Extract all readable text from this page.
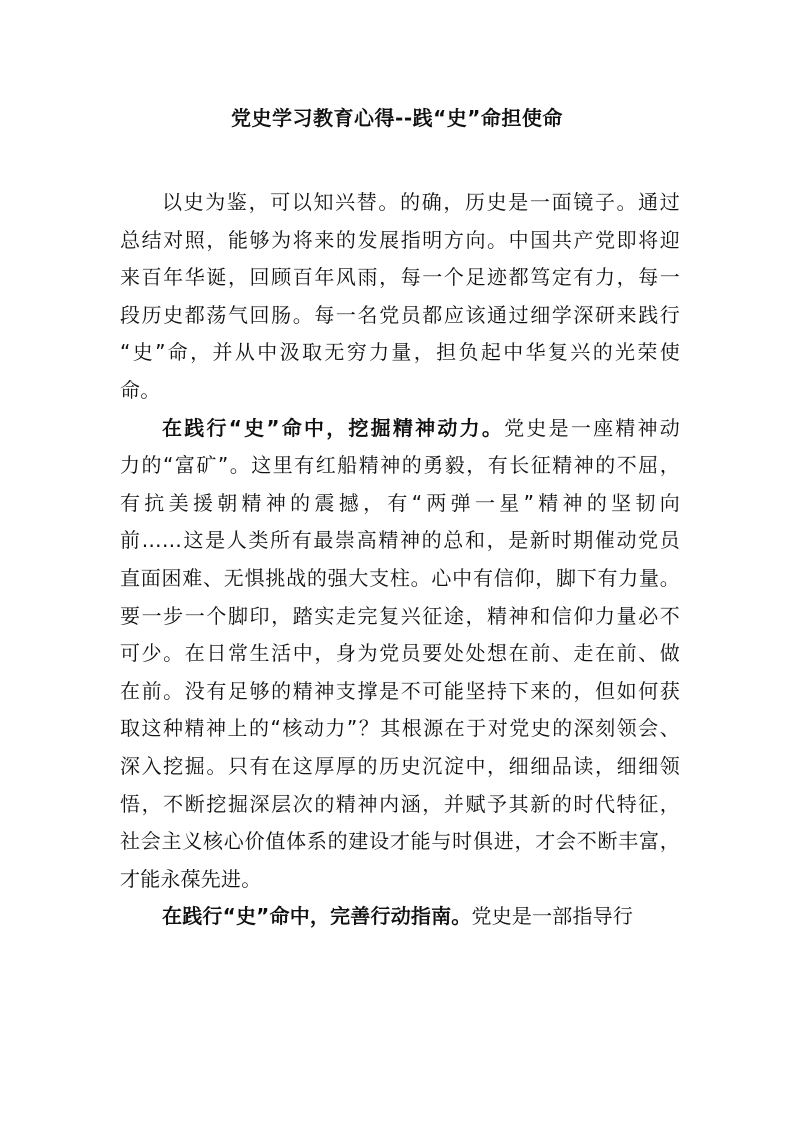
党史学习教育心得--践“史”命担使命
以史为鉴，可以知兴替。的确，历史是一面镜子。通过
总结对照，能够为将来的发展指明方向。中国共产党即将迎
来百年华诞，回顾百年风雨，每一个足迹都笃定有力，每一
段历史都荡气回肠。每一名党员都应该通过细学深研来践行
“史”命，并从中汲取无穷力量，担负起中华复兴的光荣使
命。
在践行“史”命中，挖掘精神动力。党史是一座精神动
力的“富矿”。这里有红船精神的勇毅，有长征精神的不屈，
有抗美援朝精神的震撼，有“两弹一星”精神的坚韧向
前……这是人类所有最崇高精神的总和，是新时期催动党员
直面困难、无惧挑战的强大支柱。心中有信仰，脚下有力量。
要一步一个脚印，踏实走完复兴征途，精神和信仰力量必不
可少。在日常生活中，身为党员要处处想在前、走在前、做
在前。没有足够的精神支撑是不可能坚持下来的，但如何获
取这种精神上的“核动力”？其根源在于对党史的深刻领会、
深入挖掘。只有在这厚厚的历史沉淀中，细细品读，细细领
悟，不断挖掘深层次的精神内涵，并赋予其新的时代特征，
社会主义核心价值体系的建设才能与时俱进，才会不断丰富，
才能永葆先进。
在践行“史”命中，完善行动指南。党史是一部指导行
